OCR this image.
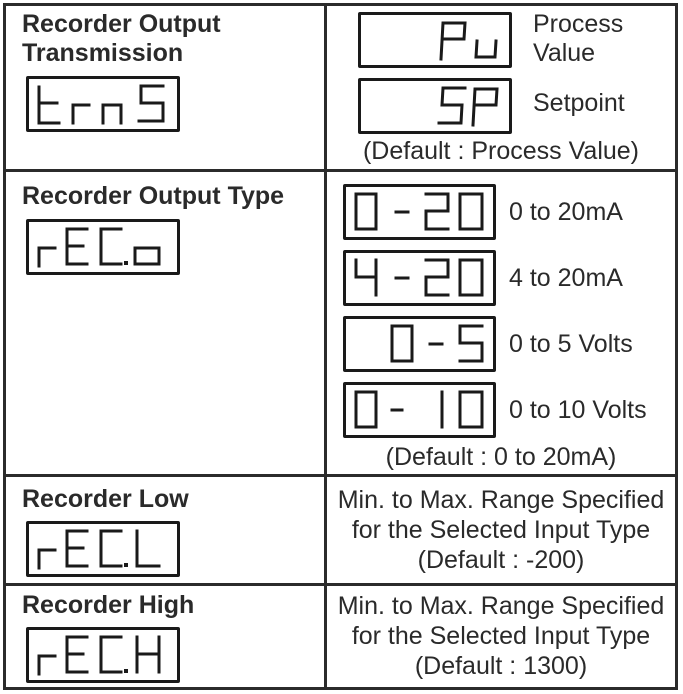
Recorder Output
Transmission
Process
Value
Setpoint
(Default : Process Value)
Recorder Output Type
0 to 20mA
4 to 20mA
0 to 5 Volts
0 to 10 Volts
(Default : 0 to 20mA)
Recorder Low	Min. to Max. Range Specified
for the Selected Input Type
(Default : -200)
Recorder High	Min. to Max. Range Specified
for the Selected Input Type
(Default : 1300)
